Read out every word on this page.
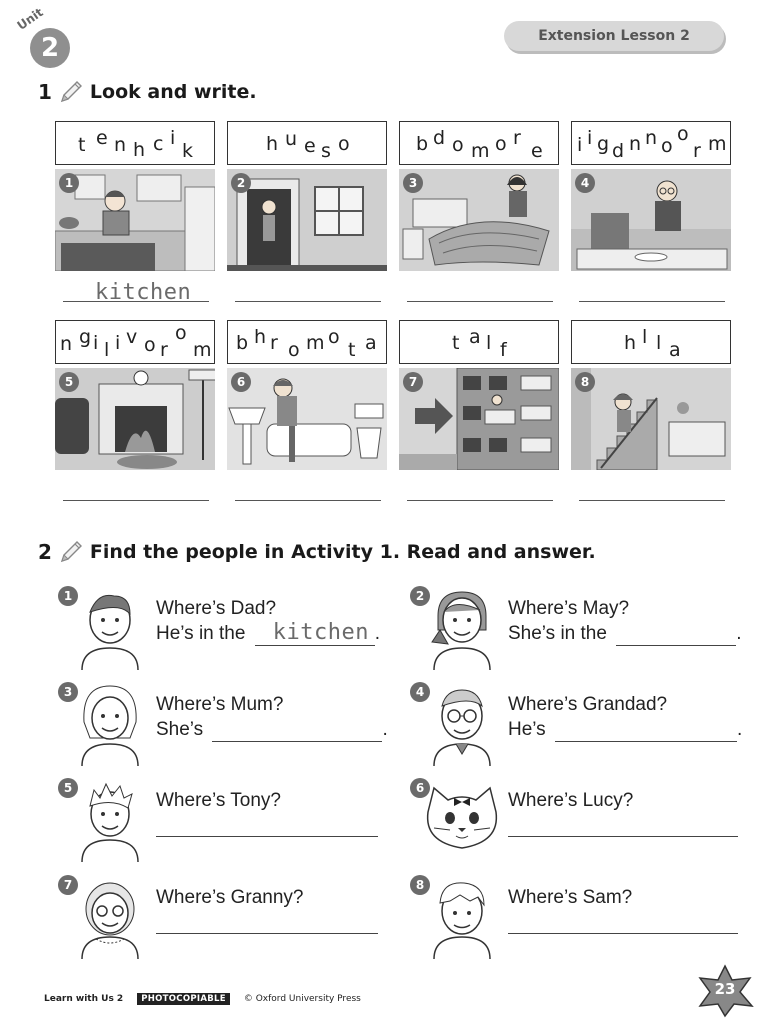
Unit
2	Extension Lesson 2
1 Look and write.
t e n h c i
k
1
kitchen
h u e s o
2
b d o m o r
e
3
i i g d n n o
o
r m
4
n g i l i v o r
o
m
5
b h r o m o
t a
6
t a l f
7
h l l a
8
2 Find the people in Activity 1. Read and answer.
1
Where’s Dad?
He’s in the kitchen .
2
Where’s May?
She’s in the	.
3
Where’s Mum?
She’s	.
4
Where’s Grandad?
He’s	.
5
Where’s Tony?
6
Where’s Lucy?
7
Where’s Granny?
8
Where’s Sam?
Learn with Us 2	PHOTOCOPIABLE	© Oxford University Press
23
